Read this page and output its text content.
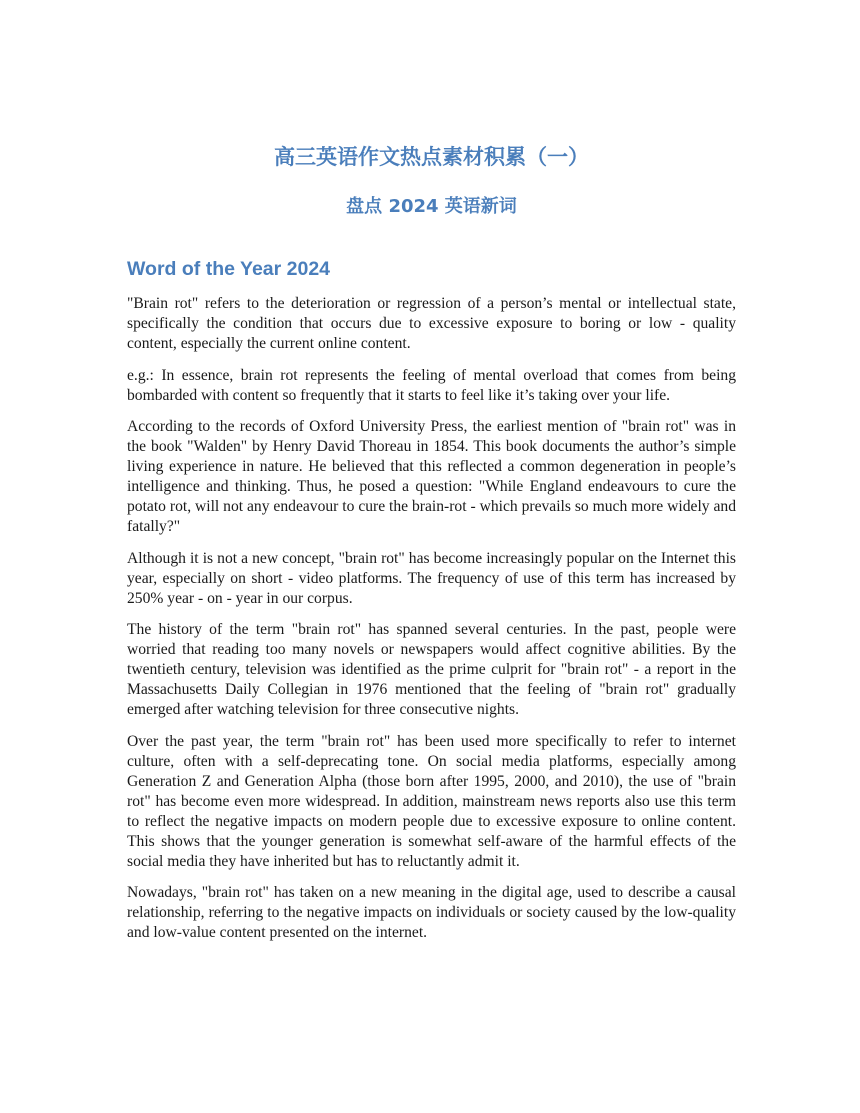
高三英语作文热点素材积累（一）
盘点 2024 英语新词
Word of the Year 2024

"Brain rot" refers to the deterioration or regression of a person’s mental or intellectual state, specifically the condition that occurs due to excessive exposure to boring or low - quality content, especially the current online content.

e.g.: In essence, brain rot represents the feeling of mental overload that comes from being bombarded with content so frequently that it starts to feel like it’s taking over your life.

According to the records of Oxford University Press, the earliest mention of "brain rot" was in the book "Walden" by Henry David Thoreau in 1854. This book documents the author’s simple living experience in nature. He believed that this reflected a common degeneration in people’s intelligence and thinking. Thus, he posed a question: "While England endeavours to cure the potato rot, will not any endeavour to cure the brain-rot - which prevails so much more widely and fatally?"

Although it is not a new concept, "brain rot" has become increasingly popular on the Internet this year, especially on short - video platforms. The frequency of use of this term has increased by 250% year - on - year in our corpus.

The history of the term "brain rot" has spanned several centuries. In the past, people were worried that reading too many novels or newspapers would affect cognitive abilities. By the twentieth century, television was identified as the prime culprit for "brain rot" - a report in the Massachusetts Daily Collegian in 1976 mentioned that the feeling of "brain rot" gradually emerged after watching television for three consecutive nights.

Over the past year, the term "brain rot" has been used more specifically to refer to internet culture, often with a self-deprecating tone. On social media platforms, especially among Generation Z and Generation Alpha (those born after 1995, 2000, and 2010), the use of "brain rot" has become even more widespread. In addition, mainstream news reports also use this term to reflect the negative impacts on modern people due to excessive exposure to online content. This shows that the younger generation is somewhat self-aware of the harmful effects of the social media they have inherited but has to reluctantly admit it.

Nowadays, "brain rot" has taken on a new meaning in the digital age, used to describe a causal relationship, referring to the negative impacts on individuals or society caused by the low-quality and low-value content presented on the internet.
